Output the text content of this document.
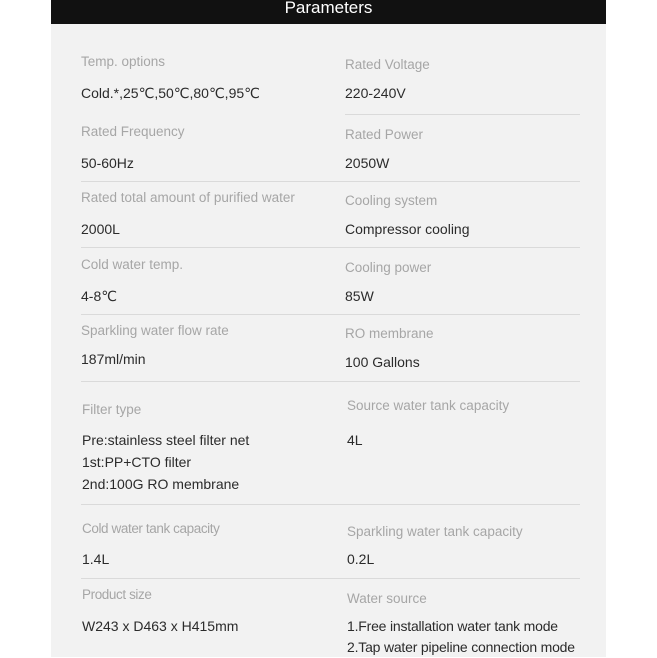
Parameters
Temp. options
Cold.*,25℃,50℃,80℃,95℃
Rated Voltage
220-240V
Rated Frequency
50-60Hz
Rated Power
2050W
Rated total amount of purified water
2000L
Cooling system
Compressor cooling
Cold water temp.
4-8℃
Cooling power
85W
Sparkling water flow rate
187ml/min
RO membrane
100 Gallons
Filter type
Pre:stainless steel filter net
1st:PP+CTO filter
2nd:100G RO membrane
Source water tank capacity
4L
Cold water tank capacity
1.4L
Sparkling water tank capacity
0.2L
Product size
W243 x D463 x H415mm
Water source
1.Free installation water tank mode
2.Tap water pipeline connection mode
